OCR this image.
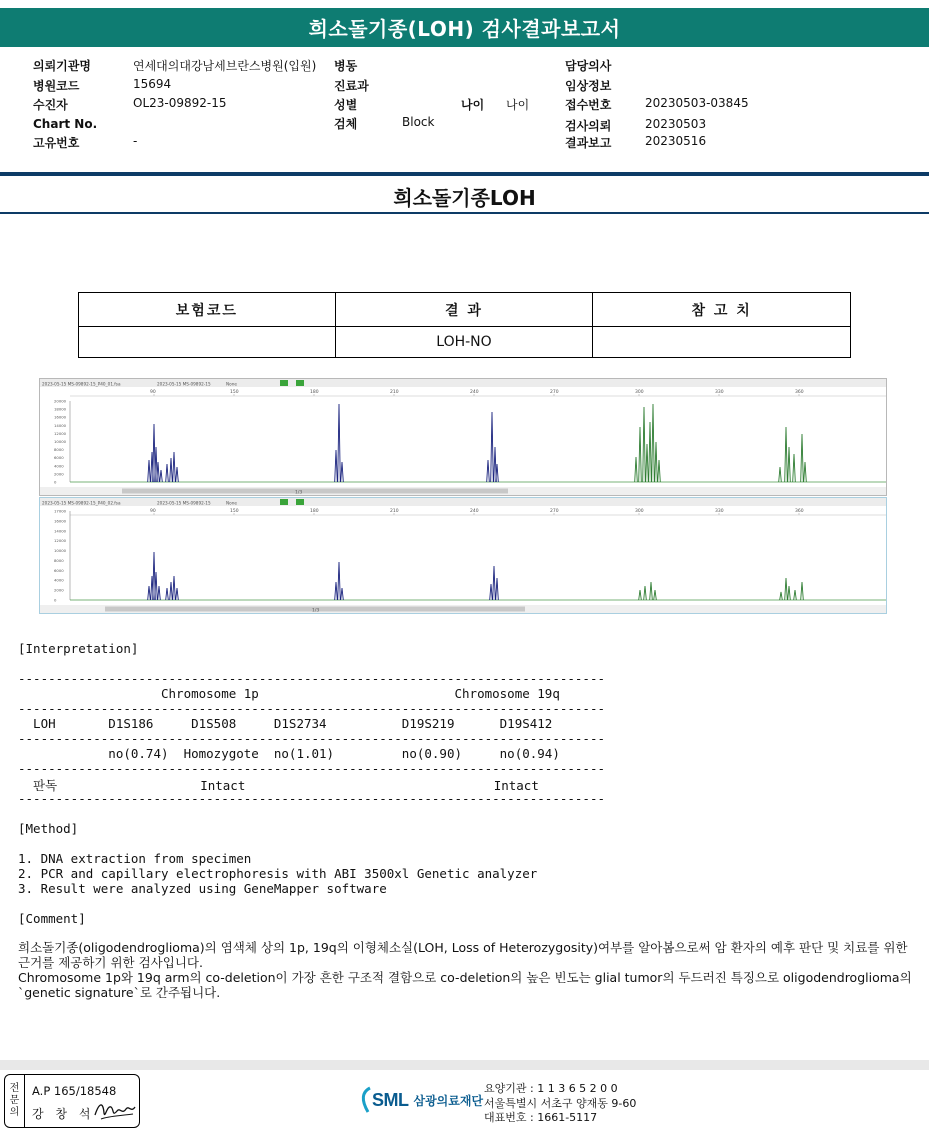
희소돌기종(LOH) 검사결과보고서
의뢰기관명	연세대의대강남세브란스병원(입원)
병원코드	15694
수진자	OL23-09892-15
Chart No.
고유번호	-
병동
진료과
성별	나이 나이
검체	Block
담당의사
임상정보
접수번호	20230503-03845
검사의뢰	20230503
결과보고	20230516
희소돌기종LOH
보험코드	결 과	참 고 치
	LOH-NO	
2023-05-15 MS-09892-15_P40_01.fsa	2023-05-15 MS-09892-15	None
90	150	180	210	240	270	300	330	360
20000
18000
16000
14000
12000
10000
8000
6000
4000
2000
0
1/3
2023-05-15 MS-09892-15_P40_02.fsa	2023-05-15 MS-09892-15	None
90	150	180	210	240	270	300	330	360
17000
16000
14000
12000
10000
8000
6000
4000
2000
0
1/3
[Interpretation]
------------------------------------------------------------------------------
Chromosome 1p                          Chromosome 19q
------------------------------------------------------------------------------
LOH       D1S186     D1S508     D1S2734          D19S219      D19S412
------------------------------------------------------------------------------
no(0.74)  Homozygote  no(1.01)         no(0.90)     no(0.94)
------------------------------------------------------------------------------
판독                   Intact                                 Intact
------------------------------------------------------------------------------
[Method]
1. DNA extraction from specimen
2. PCR and capillary electrophoresis with ABI 3500xl Genetic analyzer
3. Result were analyzed using GeneMapper software
[Comment]
희소돌기종(oligodendroglioma)의 염색체 상의 1p, 19q의 이형체소실(LOH, Loss of Heterozygosity)여부를 알아봄으로써 암 환자의 예후 판단 및 치료를 위한 근거를 제공하기 위한 검사입니다.
Chromosome 1p와 19q arm의 co-deletion이 가장 흔한 구조적 결함으로 co-deletion의 높은 빈도는 glial tumor의 두드러진 특징으로 oligodendroglioma의 `genetic signature`로 간주됩니다.
전
문
의
A.P 165/18548
강 창 석
SML 삼광의료재단
요양기관 : 1 1 3 6 5 2 0 0
서울특별시 서초구 양재동 9-60
대표번호 : 1661-5117
